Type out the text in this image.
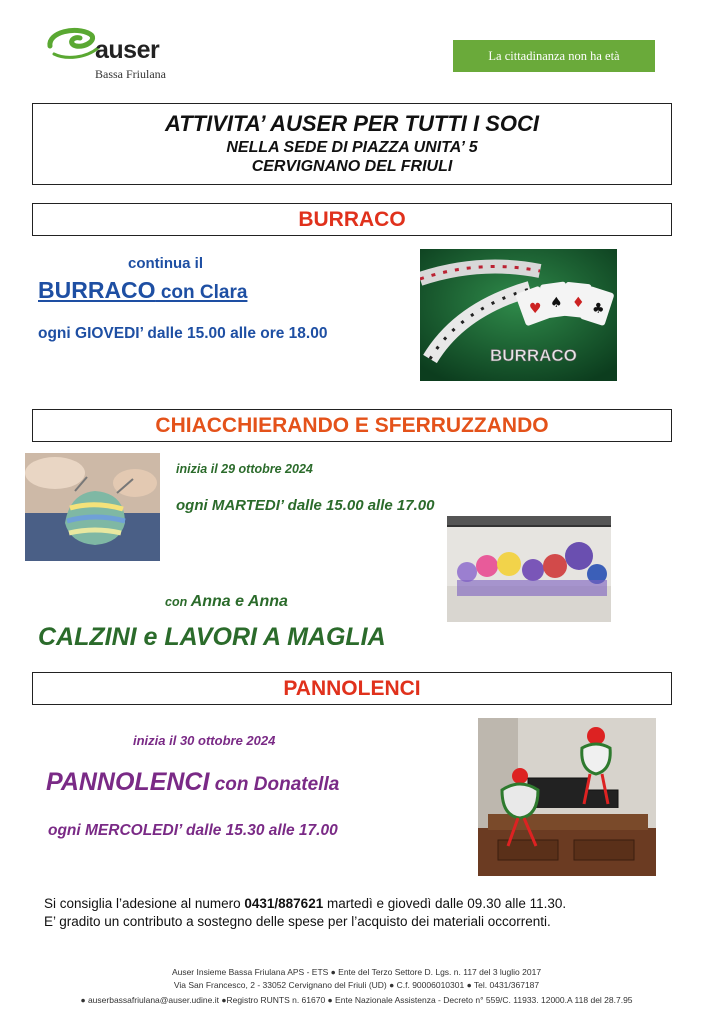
auser
Bassa Friulana
La cittadinanza non ha età
ATTIVITA’ AUSER PER TUTTI I SOCI
NELLA SEDE DI PIAZZA UNITA’ 5
CERVIGNANO DEL FRIULI
BURRACO
continua il
BURRACO con Clara
ogni GIOVEDI’ dalle 15.00 alle ore 18.00
♥ ♠ ♦ ♣
BURRACO
CHIACCHIERANDO E SFERRUZZANDO
inizia il 29 ottobre 2024
ogni MARTEDI’ dalle 15.00 alle 17.00
con Anna e Anna
CALZINI e LAVORI A MAGLIA
PANNOLENCI
inizia il 30 ottobre 2024
PANNOLENCI con Donatella
ogni MERCOLEDI’ dalle 15.30 alle 17.00
Si consiglia l’adesione al numero 0431/887621 martedì e giovedì dalle 09.30 alle 11.30.
E’ gradito un contributo a sostegno delle spese per l’acquisto dei materiali occorrenti.
Auser Insieme Bassa Friulana APS - ETS ● Ente del Terzo Settore D. Lgs. n. 117 del 3 luglio 2017
Via San Francesco, 2 - 33052 Cervignano del Friuli (UD) ● C.f. 90006010301 ● Tel. 0431/367187
● auserbassafriulana@auser.udine.it ●Registro RUNTS n. 61670 ● Ente Nazionale Assistenza - Decreto n° 559/C. 11933. 12000.A 118 del 28.7.95
